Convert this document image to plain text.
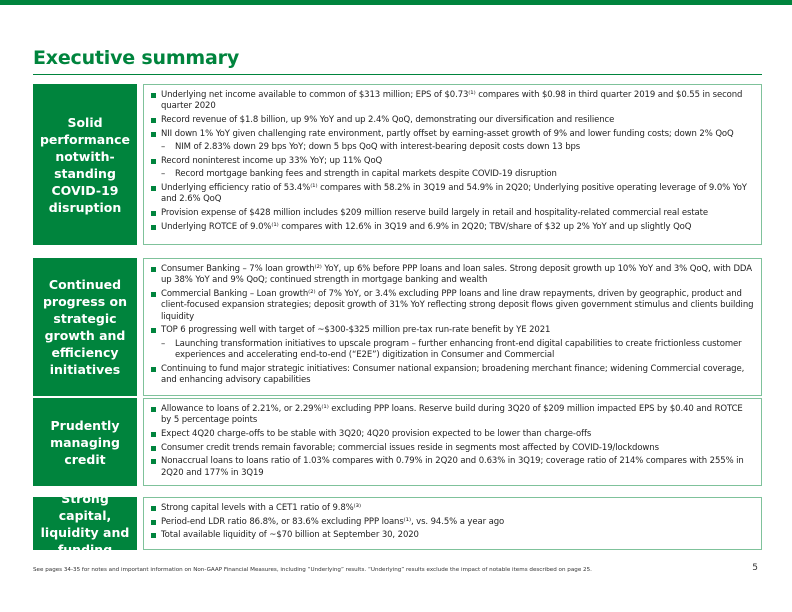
Executive summary
Solid
performance
notwith-
standing
COVID-19
disruption
Underlying net income available to common of $313 million; EPS of $0.73⁽¹⁾ compares with $0.98 in third quarter 2019 and $0.55 in second quarter 2020
Record revenue of $1.8 billion, up 9% YoY and up 2.4% QoQ, demonstrating our diversification and resilience
NII down 1% YoY given challenging rate environment, partly offset by earning-asset growth of 9% and lower funding costs; down 2% QoQ
– NIM of 2.83% down 29 bps YoY; down 5 bps QoQ with interest-bearing deposit costs down 13 bps
Record noninterest income up 33% YoY; up 11% QoQ
– Record mortgage banking fees and strength in capital markets despite COVID-19 disruption
Underlying efficiency ratio of 53.4%⁽¹⁾ compares with 58.2% in 3Q19 and 54.9% in 2Q20; Underlying positive operating leverage of 9.0% YoY and 2.6% QoQ
Provision expense of $428 million includes $209 million reserve build largely in retail and hospitality-related commercial real estate
Underlying ROTCE of 9.0%⁽¹⁾ compares with 12.6% in 3Q19 and 6.9% in 2Q20; TBV/share of $32 up 2% YoY and up slightly QoQ
Continued
progress on
strategic
growth and
efficiency
initiatives
Consumer Banking – 7% loan growth⁽²⁾ YoY, up 6% before PPP loans and loan sales. Strong deposit growth up 10% YoY and 3% QoQ, with DDA up 38% YoY and 9% QoQ; continued strength in mortgage banking and wealth
Commercial Banking – Loan growth⁽²⁾ of 7% YoY, or 3.4% excluding PPP loans and line draw repayments, driven by geographic, product and client-focused expansion strategies; deposit growth of 31% YoY reflecting strong deposit flows given government stimulus and clients building liquidity
TOP 6 progressing well with target of ~$300-$325 million pre-tax run-rate benefit by YE 2021
– Launching transformation initiatives to upscale program – further enhancing front-end digital capabilities to create frictionless customer experiences and accelerating end-to-end (“E2E”) digitization in Consumer and Commercial
Continuing to fund major strategic initiatives: Consumer national expansion; broadening merchant finance; widening Commercial coverage, and enhancing advisory capabilities
Prudently
managing
credit
Allowance to loans of 2.21%, or 2.29%⁽¹⁾ excluding PPP loans. Reserve build during 3Q20 of $209 million impacted EPS by $0.40 and ROTCE by 5 percentage points
Expect 4Q20 charge-offs to be stable with 3Q20; 4Q20 provision expected to be lower than charge-offs
Consumer credit trends remain favorable; commercial issues reside in segments most affected by COVID-19/lockdowns
Nonaccrual loans to loans ratio of 1.03% compares with 0.79% in 2Q20 and 0.63% in 3Q19; coverage ratio of 214% compares with 255% in 2Q20 and 177% in 3Q19
Strong
capital,
liquidity and
funding
Strong capital levels with a CET1 ratio of 9.8%⁽³⁾
Period-end LDR ratio 86.8%, or 83.6% excluding PPP loans⁽¹⁾, vs. 94.5% a year ago
Total available liquidity of ~$70 billion at September 30, 2020
See pages 34-35 for notes and important information on Non-GAAP Financial Measures, including “Underlying” results. “Underlying” results exclude the impact of notable items described on page 25.	5
